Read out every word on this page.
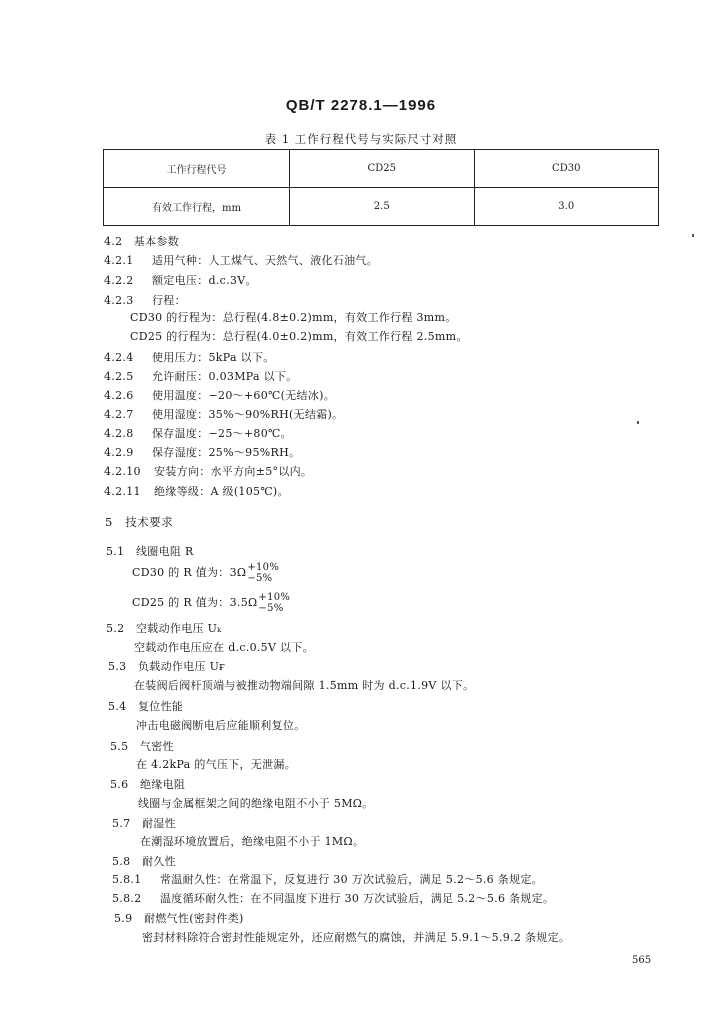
QB/T 2278.1—1996
表 1 工作行程代号与实际尺寸对照
工作行程代号	CD25	CD30
有效工作行程，mm	2.5	3.0
4.2 基本参数
4.2.1 适用气种：人工煤气、天然气、液化石油气。
4.2.2 额定电压：d.c.3V。
4.2.3 行程：
CD30 的行程为：总行程(4.8±0.2)mm，有效工作行程 3mm。
CD25 的行程为：总行程(4.0±0.2)mm，有效工作行程 2.5mm。
4.2.4 使用压力：5kPa 以下。
4.2.5 允许耐压：0.03MPa 以下。
4.2.6 使用温度：−20～+60℃(无结冰)。
4.2.7 使用湿度：35%～90%RH(无结霜)。
4.2.8 保存温度：−25～+80℃。
4.2.9 保存湿度：25%～95%RH。
4.2.10 安装方向：水平方向±5°以内。
4.2.11 绝缘等级：A 级(105℃)。
5 技术要求
5.1 线圈电阻 R
CD30 的 R 值为：3Ω+10%
−5%
CD25 的 R 值为：3.5Ω+10%
−5%
5.2 空载动作电压 Uₖ
空载动作电压应在 d.c.0.5V 以下。
5.3 负载动作电压 Uғ
在装阀后阀杆顶端与被推动物端间隙 1.5mm 时为 d.c.1.9V 以下。
5.4 复位性能
冲击电磁阀断电后应能顺利复位。
5.5 气密性
在 4.2kPa 的气压下，无泄漏。
5.6 绝缘电阻
线圈与金属框架之间的绝缘电阻不小于 5MΩ。
5.7 耐湿性
在潮湿环境放置后，绝缘电阻不小于 1MΩ。
5.8 耐久性
5.8.1 常温耐久性：在常温下，反复进行 30 万次试验后，满足 5.2～5.6 条规定。
5.8.2 温度循环耐久性：在不同温度下进行 30 万次试验后，满足 5.2～5.6 条规定。
5.9 耐燃气性(密封件类)
密封材料除符合密封性能规定外，还应耐燃气的腐蚀，并满足 5.9.1～5.9.2 条规定。
565
